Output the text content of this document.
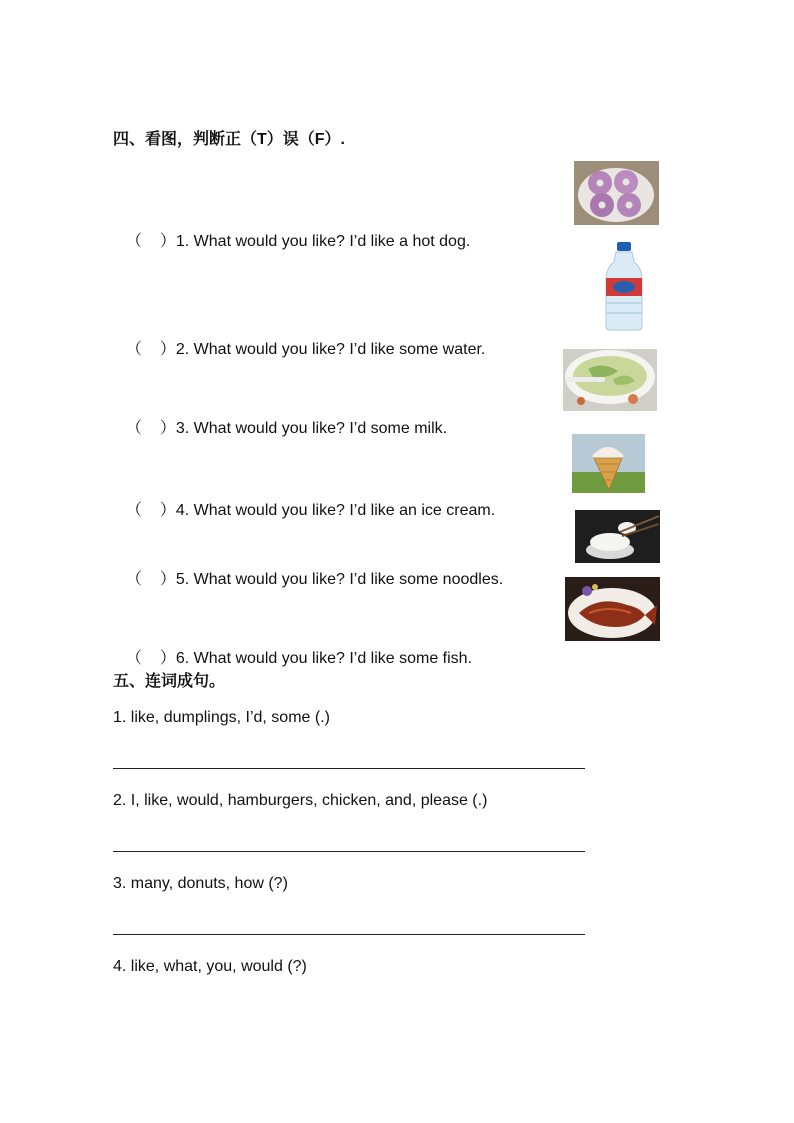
四、看图，判断正（T）误（F）.

（ ）1. What would you like? I’d like a hot dog.

（ ）2. What would you like? I’d like some water.

（ ）3. What would you like? I’d some milk.

（ ）4. What would you like? I’d like an ice cream.

（ ）5. What would you like? I’d like some noodles.

（ ）6. What would you like? I’d like some fish.

五、连词成句。
1. like, dumplings, I’d, some (.)
2. I, like, would, hamburgers, chicken, and, please (.)
3. many, donuts, how (?)
4. like, what, you, would (?)
